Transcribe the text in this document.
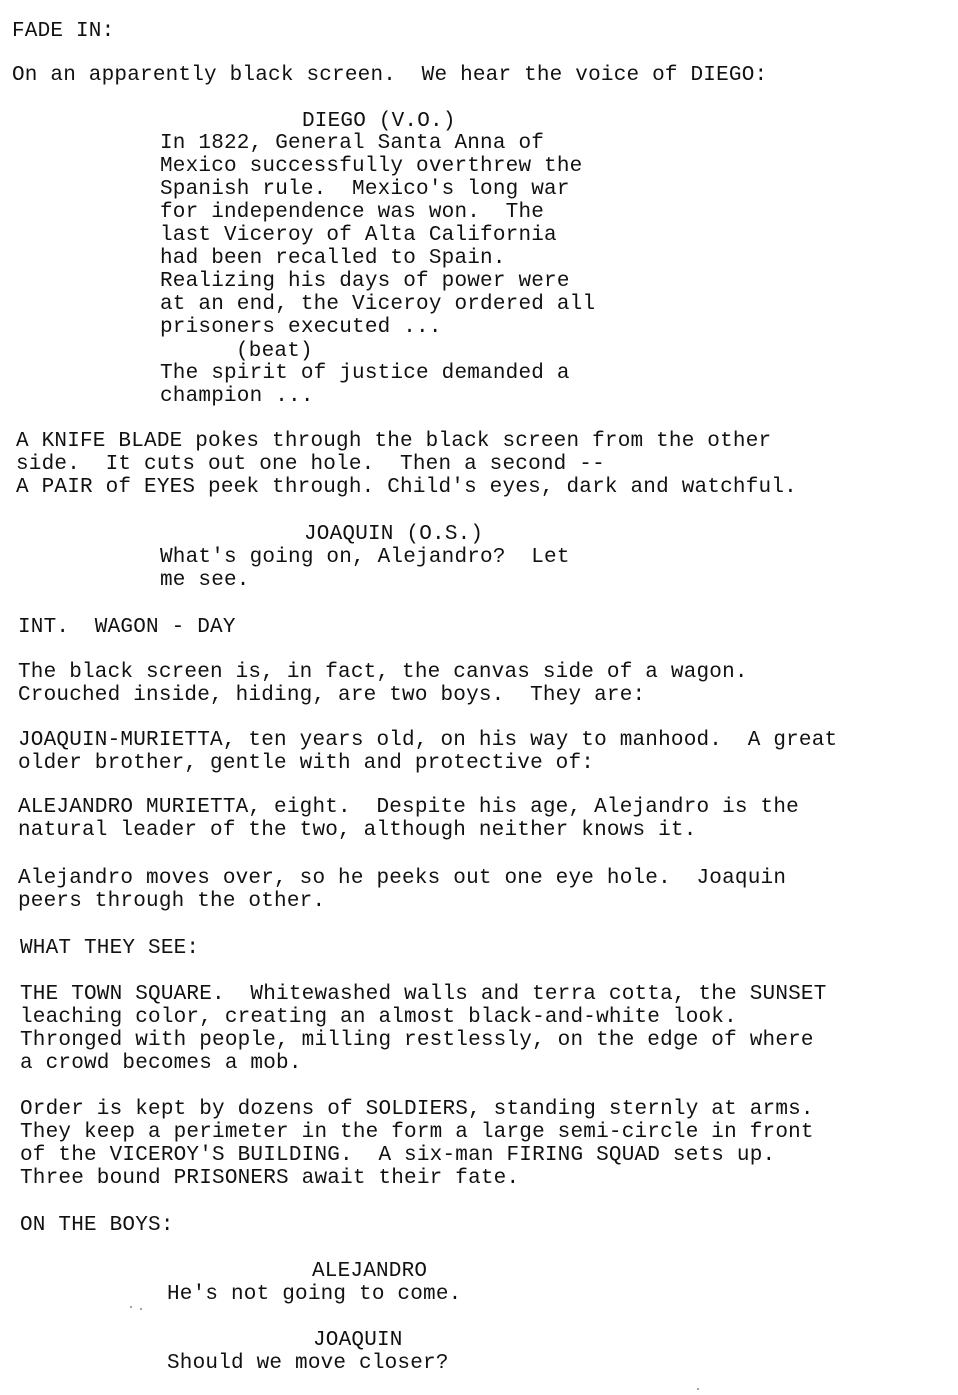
FADE IN:
On an apparently black screen.  We hear the voice of DIEGO:
DIEGO (V.O.)
In 1822, General Santa Anna of
Mexico successfully overthrew the
Spanish rule.  Mexico's long war
for independence was won.  The
last Viceroy of Alta California
had been recalled to Spain.
Realizing his days of power were
at an end, the Viceroy ordered all
prisoners executed ...
(beat)
The spirit of justice demanded a
champion ...
A KNIFE BLADE pokes through the black screen from the other
side.  It cuts out one hole.  Then a second --
A PAIR of EYES peek through. Child's eyes, dark and watchful.
JOAQUIN (O.S.)
What's going on, Alejandro?  Let
me see.
INT.  WAGON - DAY
The black screen is, in fact, the canvas side of a wagon.
Crouched inside, hiding, are two boys.  They are:
JOAQUIN-MURIETTA, ten years old, on his way to manhood.  A great
older brother, gentle with and protective of:
ALEJANDRO MURIETTA, eight.  Despite his age, Alejandro is the
natural leader of the two, although neither knows it.
Alejandro moves over, so he peeks out one eye hole.  Joaquin
peers through the other.
WHAT THEY SEE:
THE TOWN SQUARE.  Whitewashed walls and terra cotta, the SUNSET
leaching color, creating an almost black-and-white look.
Thronged with people, milling restlessly, on the edge of where
a crowd becomes a mob.
Order is kept by dozens of SOLDIERS, standing sternly at arms.
They keep a perimeter in the form a large semi-circle in front
of the VICEROY'S BUILDING.  A six-man FIRING SQUAD sets up.
Three bound PRISONERS await their fate.
ON THE BOYS:
ALEJANDRO
He's not going to come.
JOAQUIN
Should we move closer?
